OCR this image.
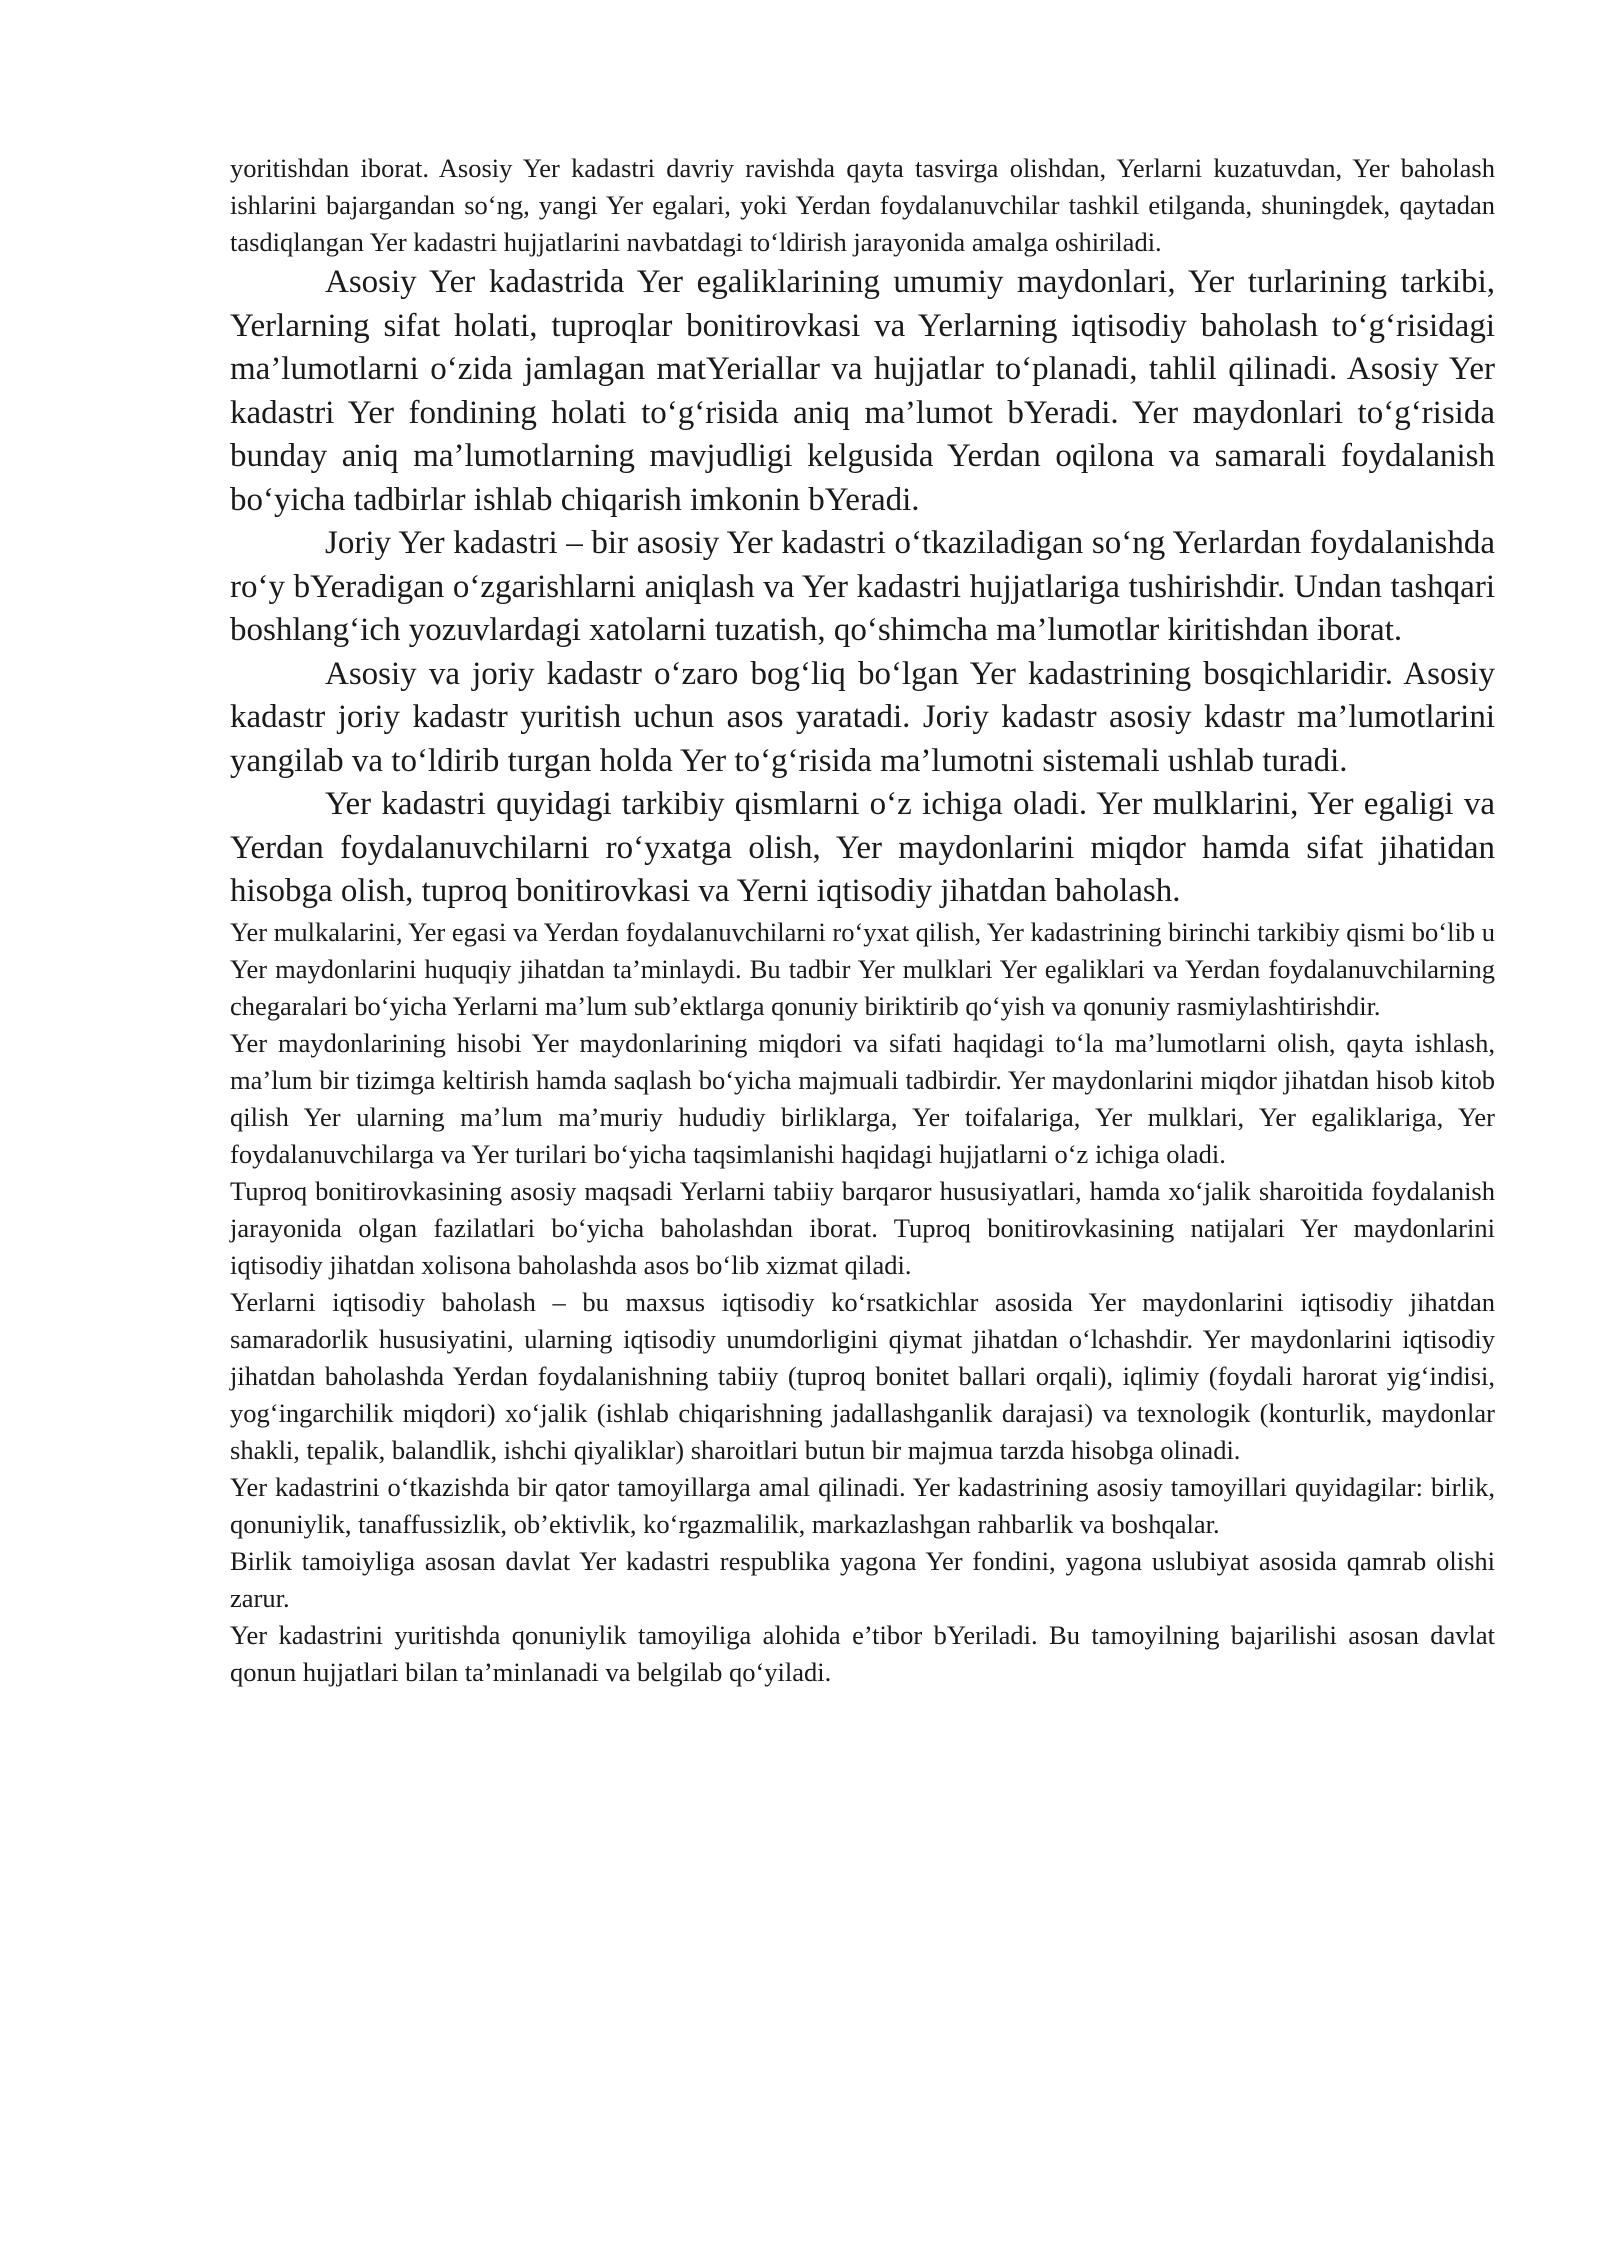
yoritishdan iborat. Asosiy Yer kadastri davriy ravishda qayta tasvirga olishdan, Yerlarni kuzatuvdan, Yer baholash ishlarini bajargandan so‘ng, yangi Yer egalari, yoki Yerdan foydalanuvchilar tashkil etilganda, shuningdek, qaytadan tasdiqlangan Yer kadastri hujjatlarini navbatdagi to‘ldirish jarayonida amalga oshiriladi.

Asosiy Yer kadastrida Yer egaliklarining umumiy maydonlari, Yer turlarining tarkibi, Yerlarning sifat holati, tuproqlar bonitirovkasi va Yerlarning iqtisodiy baholash to‘g‘risidagi ma’lumotlarni o‘zida jamlagan matYeriallar va hujjatlar to‘planadi, tahlil qilinadi. Asosiy Yer kadastri Yer fondining holati to‘g‘risida aniq ma’lumot bYeradi. Yer maydonlari to‘g‘risida bunday aniq ma’lumotlarning mavjudligi kelgusida Yerdan oqilona va samarali foydalanish bo‘yicha tadbirlar ishlab chiqarish imkonin bYeradi.

Joriy Yer kadastri – bir asosiy Yer kadastri o‘tkaziladigan so‘ng Yerlardan foydalanishda ro‘y bYeradigan o‘zgarishlarni aniqlash va Yer kadastri hujjatlariga tushirishdir. Undan tashqari boshlang‘ich yozuvlardagi xatolarni tuzatish, qo‘shimcha ma’lumotlar kiritishdan iborat.

Asosiy va joriy kadastr o‘zaro bog‘liq bo‘lgan Yer kadastrining bosqichlaridir. Asosiy kadastr joriy kadastr yuritish uchun asos yaratadi. Joriy kadastr asosiy kdastr ma’lumotlarini yangilab va to‘ldirib turgan holda Yer to‘g‘risida ma’lumotni sistemali ushlab turadi.

Yer kadastri quyidagi tarkibiy qismlarni o‘z ichiga oladi. Yer mulklarini, Yer egaligi va Yerdan foydalanuvchilarni ro‘yxatga olish, Yer maydonlarini miqdor hamda sifat jihatidan hisobga olish, tuproq bonitirovkasi va Yerni iqtisodiy jihatdan baholash.

Yer mulkalarini, Yer egasi va Yerdan foydalanuvchilarni ro‘yxat qilish, Yer kadastrining birinchi tarkibiy qismi bo‘lib u Yer maydonlarini huquqiy jihatdan ta’minlaydi. Bu tadbir Yer mulklari Yer egaliklari va Yerdan foydalanuvchilarning chegaralari bo‘yicha Yerlarni ma’lum sub’ektlarga qonuniy biriktirib qo‘yish va qonuniy rasmiylashtirishdir.

Yer maydonlarining hisobi Yer maydonlarining miqdori va sifati haqidagi to‘la ma’lumotlarni olish, qayta ishlash, ma’lum bir tizimga keltirish hamda saqlash bo‘yicha majmuali tadbirdir. Yer maydonlarini miqdor jihatdan hisob kitob qilish Yer ularning ma’lum ma’muriy hududiy birliklarga, Yer toifalariga, Yer mulklari, Yer egaliklariga, Yer foydalanuvchilarga va Yer turilari bo‘yicha taqsimlanishi haqidagi hujjatlarni o‘z ichiga oladi.

Tuproq bonitirovkasining asosiy maqsadi Yerlarni tabiiy barqaror hususiyatlari, hamda xo‘jalik sharoitida foydalanish jarayonida olgan fazilatlari bo‘yicha baholashdan iborat. Tuproq bonitirovkasining natijalari Yer maydonlarini iqtisodiy jihatdan xolisona baholashda asos bo‘lib xizmat qiladi.

Yerlarni iqtisodiy baholash – bu maxsus iqtisodiy ko‘rsatkichlar asosida Yer maydonlarini iqtisodiy jihatdan samaradorlik hususiyatini, ularning iqtisodiy unumdorligini qiymat jihatdan o‘lchashdir. Yer maydonlarini iqtisodiy jihatdan baholashda Yerdan foydalanishning tabiiy (tuproq bonitet ballari orqali), iqlimiy (foydali harorat yig‘indisi, yog‘ingarchilik miqdori) xo‘jalik (ishlab chiqarishning jadallashganlik darajasi) va texnologik (konturlik, maydonlar shakli, tepalik, balandlik, ishchi qiyaliklar) sharoitlari butun bir majmua tarzda hisobga olinadi.

Yer kadastrini o‘tkazishda bir qator tamoyillarga amal qilinadi. Yer kadastrining asosiy tamoyillari quyidagilar: birlik, qonuniylik, tanaffussizlik, ob’ektivlik, ko‘rgazmalilik, markazlashgan rahbarlik va boshqalar.

Birlik tamoiyliga asosan davlat Yer kadastri respublika yagona Yer fondini, yagona uslubiyat asosida qamrab olishi zarur.

Yer kadastrini yuritishda qonuniylik tamoyiliga alohida e’tibor bYeriladi. Bu tamoyilning bajarilishi asosan davlat qonun hujjatlari bilan ta’minlanadi va belgilab qo‘yiladi.
